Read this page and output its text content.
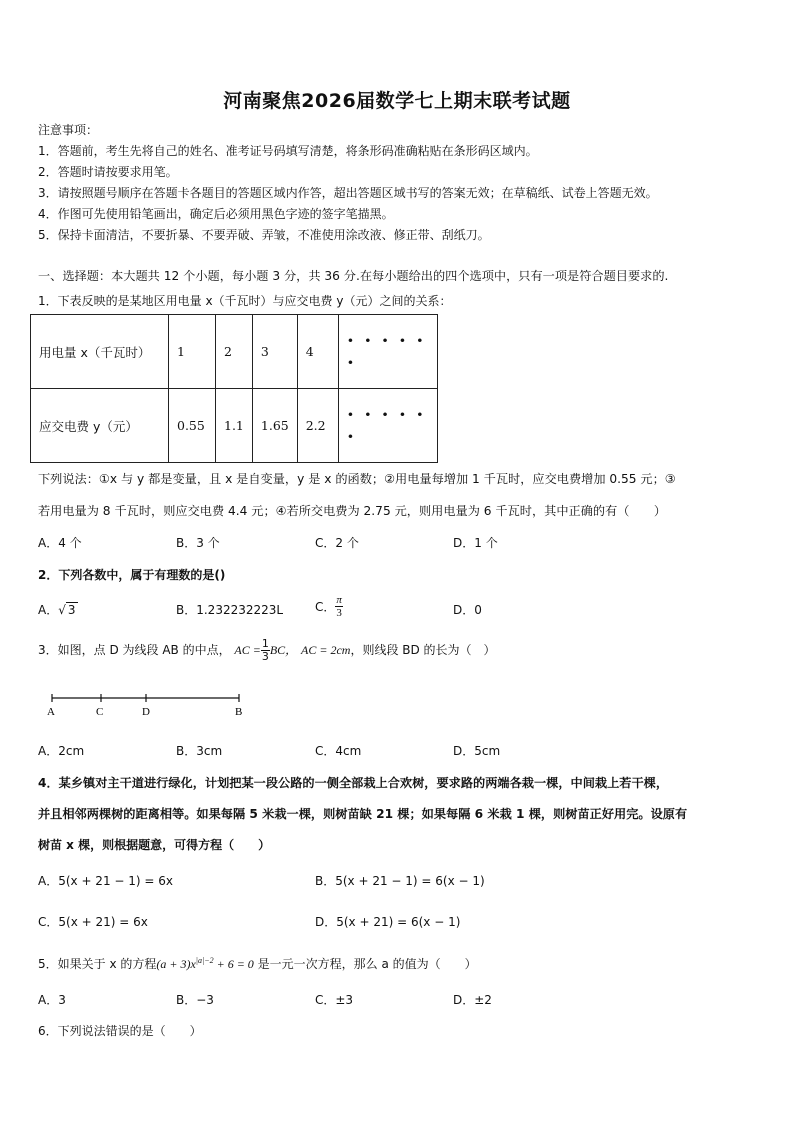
河南聚焦2026届数学七上期末联考试题
注意事项：
1．答题前，考生先将自己的姓名、准考证号码填写清楚，将条形码准确粘贴在条形码区域内。
2．答题时请按要求用笔。
3．请按照题号顺序在答题卡各题目的答题区域内作答，超出答题区域书写的答案无效；在草稿纸、试卷上答题无效。
4．作图可先使用铅笔画出，确定后必须用黑色字迹的签字笔描黑。
5．保持卡面清洁，不要折暴、不要弄破、弄皱，不准使用涂改液、修正带、刮纸刀。
一、选择题：本大题共 12 个小题，每小题 3 分，共 36 分.在每小题给出的四个选项中，只有一项是符合题目要求的.
1．下表反映的是某地区用电量 x（千瓦时）与应交电费 y（元）之间的关系：
用电量 x（千瓦时）	1	2	3	4	• • • • • •
应交电费 y（元）	0.55	1.1	1.65	2.2	• • • • • •
下列说法：①x 与 y 都是变量，且 x 是自变量，y 是 x 的函数；②用电量每增加 1 千瓦时，应交电费增加 0.55 元；③
若用电量为 8 千瓦时，则应交电费 4.4 元；④若所交电费为 2.75 元，则用电量为 6 千瓦时，其中正确的有（　　）
A．4 个	B．3 个	C．2 个	D．1 个
2．下列各数中，属于有理数的是()
A．√ 3	B．1.232232223L	C． $\frac{\pi}{3}$	D．0
3．如图，点 D 为线段 AB 的中点， AC = $\frac{1}{3}$ BC， AC = 2cm，则线段 BD 的长为（　）
A	C	D	B
A．2cm	B．3cm	C．4cm	D．5cm
4．某乡镇对主干道进行绿化，计划把某一段公路的一侧全部栽上合欢树，要求路的两端各栽一棵，中间栽上若干棵，
并且相邻两棵树的距离相等。如果每隔 5 米栽一棵，则树苗缺 21 棵；如果每隔 6 米栽 1 棵，则树苗正好用完。设原有
树苗 x 棵，则根据题意，可得方程（　　）
A．5(x + 21 − 1) = 6x	B．5(x + 21 − 1) = 6(x − 1)
C．5(x + 21) = 6x	D．5(x + 21) = 6(x − 1)
5．如果关于 x 的方程$(a + 3)x^{|a|-2} + 6 = 0$ 是一元一次方程，那么 a 的值为（　　）
A．3	B．−3	C．±3	D．±2
6．下列说法错误的是（　　）
